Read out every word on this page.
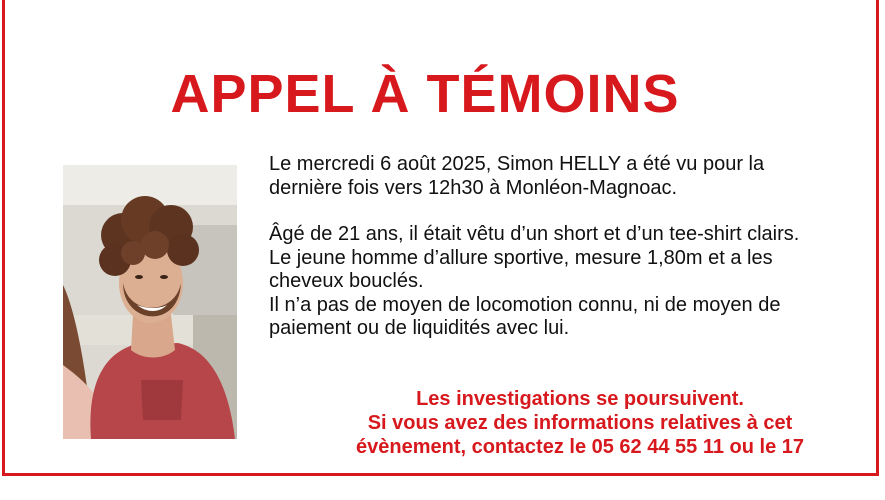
APPEL À TÉMOINS

Le mercredi 6 août 2025, Simon HELLY a été vu pour la

dernière fois vers 12h30 à Monléon-Magnoac.

Âgé de 21 ans, il était vêtu d’un short et d’un tee-shirt clairs.

Le jeune homme d’allure sportive, mesure 1,80m et a les

cheveux bouclés.

Il n’a pas de moyen de locomotion connu, ni de moyen de

paiement ou de liquidités avec lui.

Les investigations se poursuivent.
Si vous avez des informations relatives à cet
évènement, contactez le 05 62 44 55 11 ou le 17
